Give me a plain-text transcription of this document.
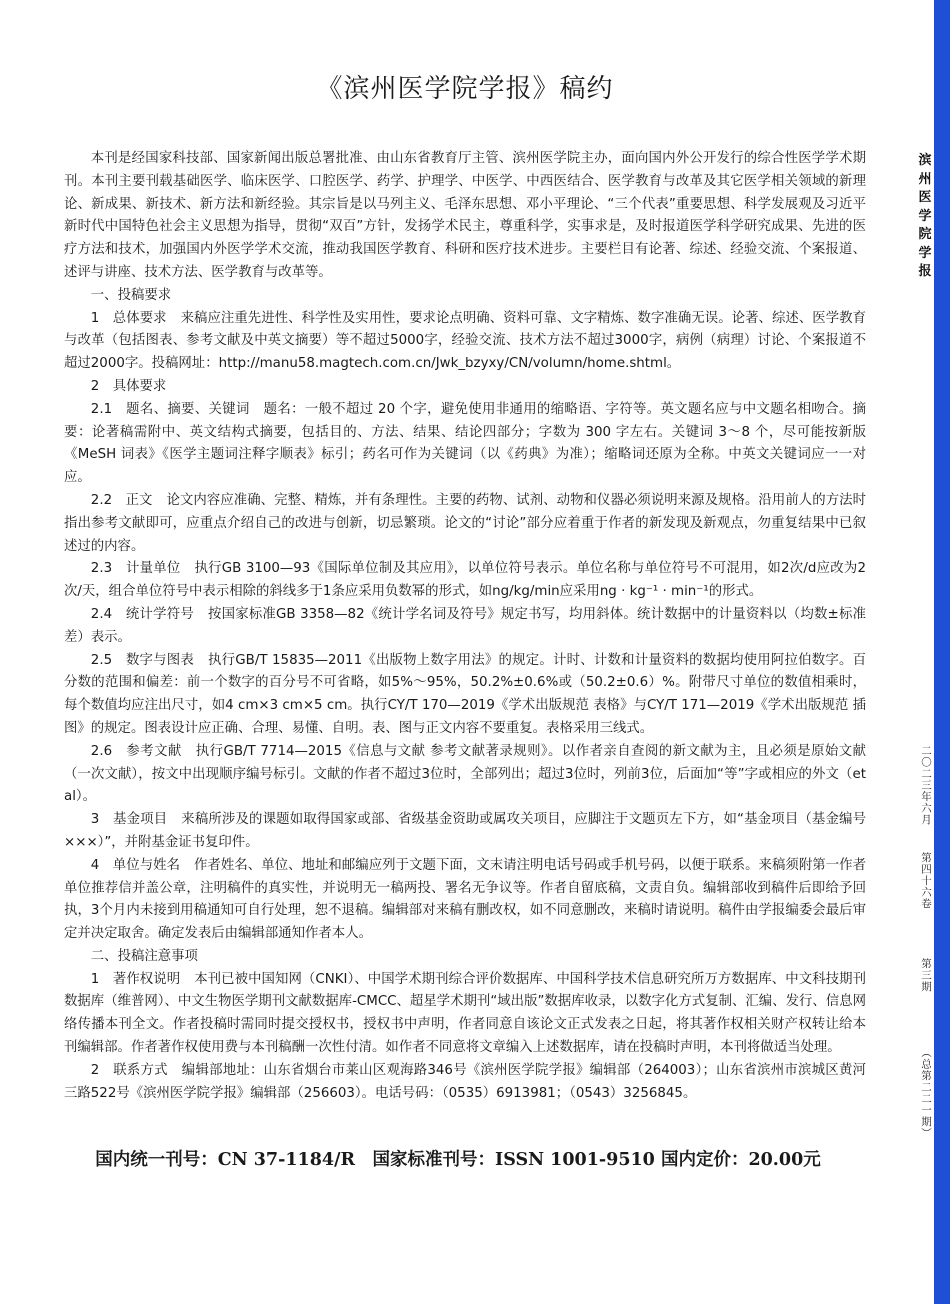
《滨州医学院学报》稿约

本刊是经国家科技部、国家新闻出版总署批准、由山东省教育厅主管、滨州医学院主办，面向国内外公开发行的综合性医学学术期刊。本刊主要刊载基础医学、临床医学、口腔医学、药学、护理学、中医学、中西医结合、医学教育与改革及其它医学相关领域的新理论、新成果、新技术、新方法和新经验。其宗旨是以马列主义、毛泽东思想、邓小平理论、“三个代表”重要思想、科学发展观及习近平新时代中国特色社会主义思想为指导，贯彻“双百”方针，发扬学术民主，尊重科学，实事求是，及时报道医学科学研究成果、先进的医疗方法和技术，加强国内外医学学术交流，推动我国医学教育、科研和医疗技术进步。主要栏目有论著、综述、经验交流、个案报道、述评与讲座、技术方法、医学教育与改革等。

一、投稿要求

1　总体要求 来稿应注重先进性、科学性及实用性，要求论点明确、资料可靠、文字精炼、数字准确无误。论著、综述、医学教育与改革（包括图表、参考文献及中英文摘要）等不超过5000字，经验交流、技术方法不超过3000字，病例（病理）讨论、个案报道不超过2000字。投稿网址：http://manu58.magtech.com.cn/Jwk_bzyxy/CN/volumn/home.shtml。

2　具体要求

2.1　题名、摘要、关键词 题名：一般不超过 20 个字，避免使用非通用的缩略语、字符等。英文题名应与中文题名相吻合。摘要：论著稿需附中、英文结构式摘要，包括目的、方法、结果、结论四部分；字数为 300 字左右。关键词 3～8 个，尽可能按新版《MeSH 词表》《医学主题词注释字顺表》标引；药名可作为关键词（以《药典》为准）；缩略词还原为全称。中英文关键词应一一对应。

2.2　正文 论文内容应准确、完整、精炼，并有条理性。主要的药物、试剂、动物和仪器必须说明来源及规格。沿用前人的方法时指出参考文献即可，应重点介绍自己的改进与创新，切忌繁琐。论文的“讨论”部分应着重于作者的新发现及新观点，勿重复结果中已叙述过的内容。

2.3　计量单位 执行GB 3100—93《国际单位制及其应用》，以单位符号表示。单位名称与单位符号不可混用，如2次/d应改为2次/天，组合单位符号中表示相除的斜线多于1条应采用负数幂的形式，如ng/kg/min应采用ng · kg⁻¹ · min⁻¹的形式。

2.4　统计学符号 按国家标准GB 3358—82《统计学名词及符号》规定书写，均用斜体。统计数据中的计量资料以（均数±标准差）表示。

2.5　数字与图表 执行GB/T 15835—2011《出版物上数字用法》的规定。计时、计数和计量资料的数据均使用阿拉伯数字。百分数的范围和偏差：前一个数字的百分号不可省略，如5%～95%，50.2%±0.6%或（50.2±0.6）%。附带尺寸单位的数值相乘时，每个数值均应注出尺寸，如4 cm×3 cm×5 cm。执行CY/T 170—2019《学术出版规范 表格》与CY/T 171—2019《学术出版规范 插图》的规定。图表设计应正确、合理、易懂、自明。表、图与正文内容不要重复。表格采用三线式。

2.6　参考文献 执行GB/T 7714—2015《信息与文献 参考文献著录规则》。以作者亲自查阅的新文献为主，且必须是原始文献（一次文献），按文中出现顺序编号标引。文献的作者不超过3位时，全部列出；超过3位时，列前3位，后面加“等”字或相应的外文（et al）。

3　基金项目 来稿所涉及的课题如取得国家或部、省级基金资助或属攻关项目，应脚注于文题页左下方，如“基金项目（基金编号×××）”，并附基金证书复印件。

4　单位与姓名 作者姓名、单位、地址和邮编应列于文题下面，文末请注明电话号码或手机号码，以便于联系。来稿须附第一作者单位推荐信并盖公章，注明稿件的真实性，并说明无一稿两投、署名无争议等。作者自留底稿，文责自负。编辑部收到稿件后即给予回执，3个月内未接到用稿通知可自行处理，恕不退稿。编辑部对来稿有删改权，如不同意删改，来稿时请说明。稿件由学报编委会最后审定并决定取舍。确定发表后由编辑部通知作者本人。

二、投稿注意事项

1　著作权说明 本刊已被中国知网（CNKI）、中国学术期刊综合评价数据库、中国科学技术信息研究所万方数据库、中文科技期刊数据库（维普网）、中文生物医学期刊文献数据库-CMCC、超星学术期刊“域出版”数据库收录，以数字化方式复制、汇编、发行、信息网络传播本刊全文。作者投稿时需同时提交授权书，授权书中声明，作者同意自该论文正式发表之日起，将其著作权相关财产权转让给本刊编辑部。作者著作权使用费与本刊稿酬一次性付清。如作者不同意将文章编入上述数据库，请在投稿时声明，本刊将做适当处理。

2　联系方式 编辑部地址：山东省烟台市莱山区观海路346号《滨州医学院学报》编辑部（264003）；山东省滨州市滨城区黄河三路522号《滨州医学院学报》编辑部（256603）。电话号码：（0535）6913981；（0543）3256845。

国内统一刊号：CN 37-1184/R　国家标准刊号：ISSN 1001-9510 国内定价：20.00元
滨州医学院学报
二〇二三年六月
第四十六卷
第三期
（总第二二一期）
